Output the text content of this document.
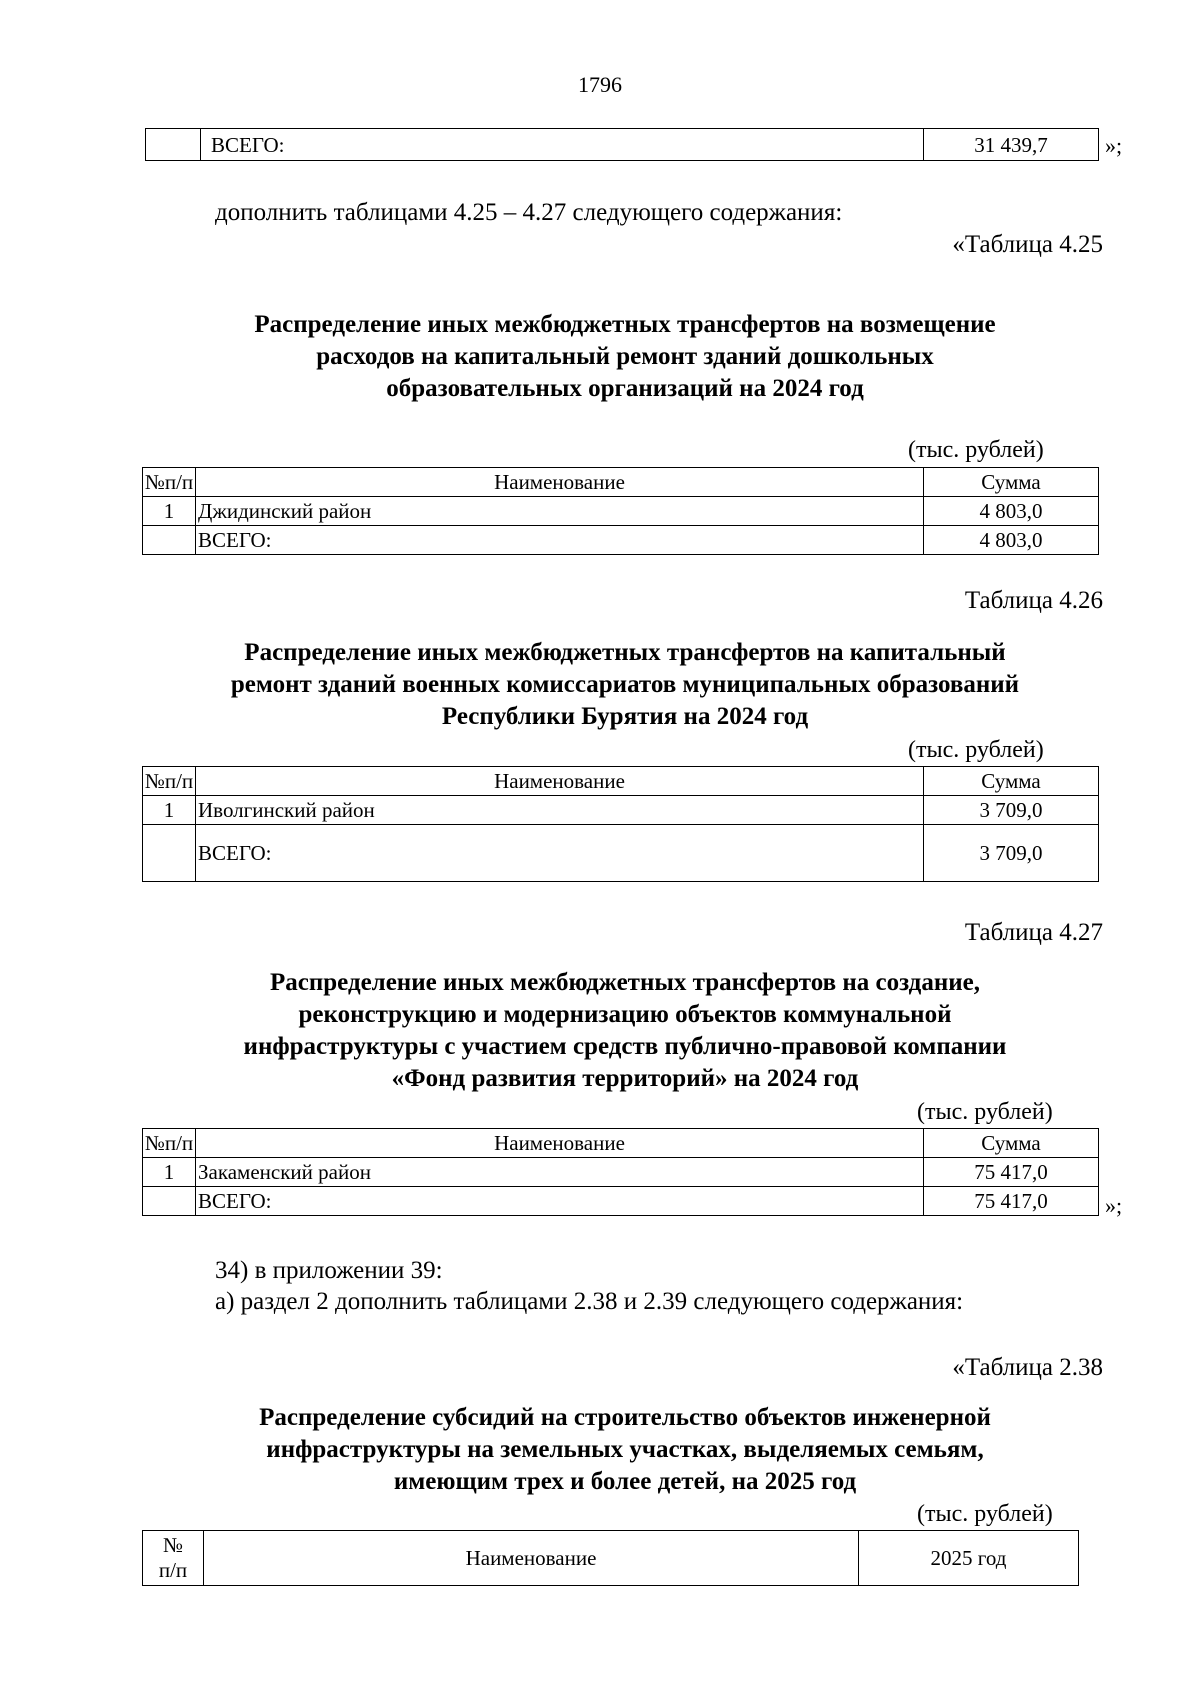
1796
	ВСЕГО:	31 439,7	»;
дополнить таблицами 4.25 – 4.27 следующего содержания:
«Таблица 4.25
Распределение иных межбюджетных трансфертов на возмещение
расходов на капитальный ремонт зданий дошкольных
образовательных организаций на 2024 год
(тыс. рублей)
№п/п	Наименование	Сумма
1	Джидинский район	4 803,0
	ВСЕГО:	4 803,0
Таблица 4.26
Распределение иных межбюджетных трансфертов на капитальный
ремонт зданий военных комиссариатов муниципальных образований
Республики Бурятия на 2024 год
(тыс. рублей)
№п/п	Наименование	Сумма
1	Иволгинский район	3 709,0
	ВСЕГО:	3 709,0
Таблица 4.27
Распределение иных межбюджетных трансфертов на создание,
реконструкцию и модернизацию объектов коммунальной
инфраструктуры с участием средств публично-правовой компании
«Фонд развития территорий» на 2024 год
(тыс. рублей)
№п/п	Наименование	Сумма
1	Закаменский район	75 417,0
	ВСЕГО:	75 417,0	»;
34) в приложении 39:
а) раздел 2 дополнить таблицами 2.38 и 2.39 следующего содержания:
«Таблица 2.38
Распределение субсидий на строительство объектов инженерной
инфраструктуры на земельных участках, выделяемых семьям,
имеющим трех и более детей, на 2025 год
(тыс. рублей)
№
п/п	Наименование	2025 год
